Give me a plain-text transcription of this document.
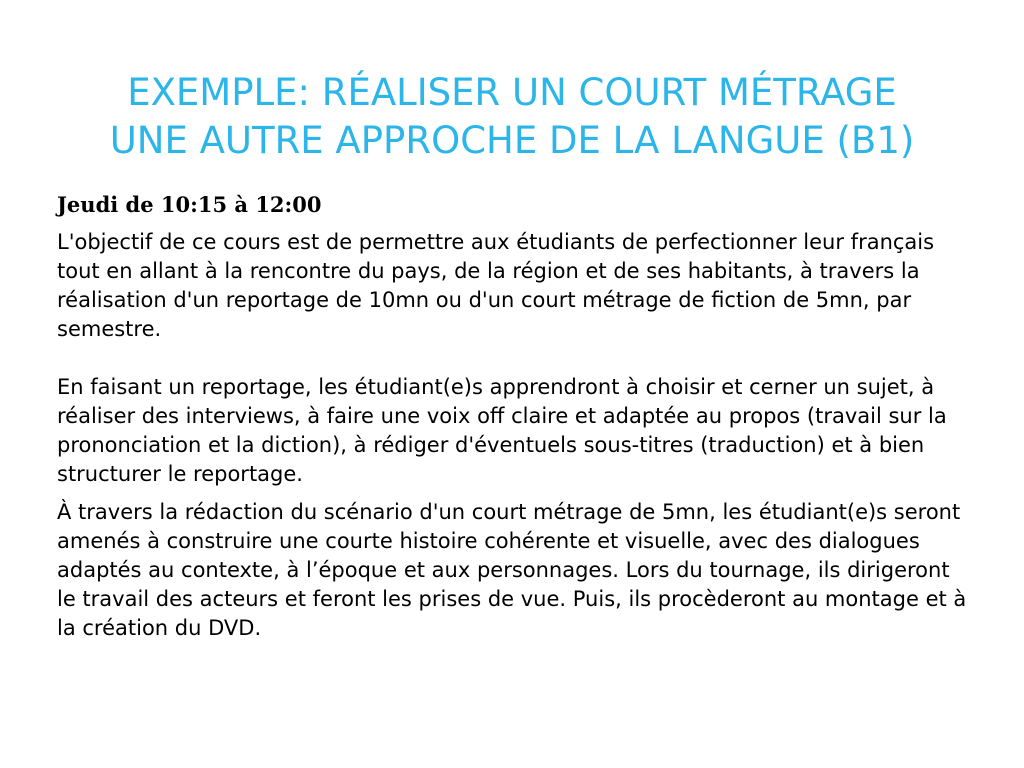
EXEMPLE: RÉALISER UN COURT MÉTRAGE
UNE AUTRE APPROCHE DE LA LANGUE (B1)

Jeudi de 10:15 à 12:00

L'objectif de ce cours est de permettre aux étudiants de perfectionner leur français tout en allant à la rencontre du pays, de la région et de ses habitants, à travers la réalisation d'un reportage de 10mn ou d'un court métrage de fiction de 5mn, par semestre.

En faisant un reportage, les étudiant(e)s apprendront à choisir et cerner un sujet, à réaliser des interviews, à faire une voix off claire et adaptée au propos (travail sur la prononciation et la diction), à rédiger d'éventuels sous-titres (traduction) et à bien structurer le reportage.

À travers la rédaction du scénario d'un court métrage de 5mn, les étudiant(e)s seront amenés à construire une courte histoire cohérente et visuelle, avec des dialogues adaptés au contexte, à l’époque et aux personnages. Lors du tournage, ils dirigeront le travail des acteurs et feront les prises de vue. Puis, ils procèderont au montage et à la création du DVD.
